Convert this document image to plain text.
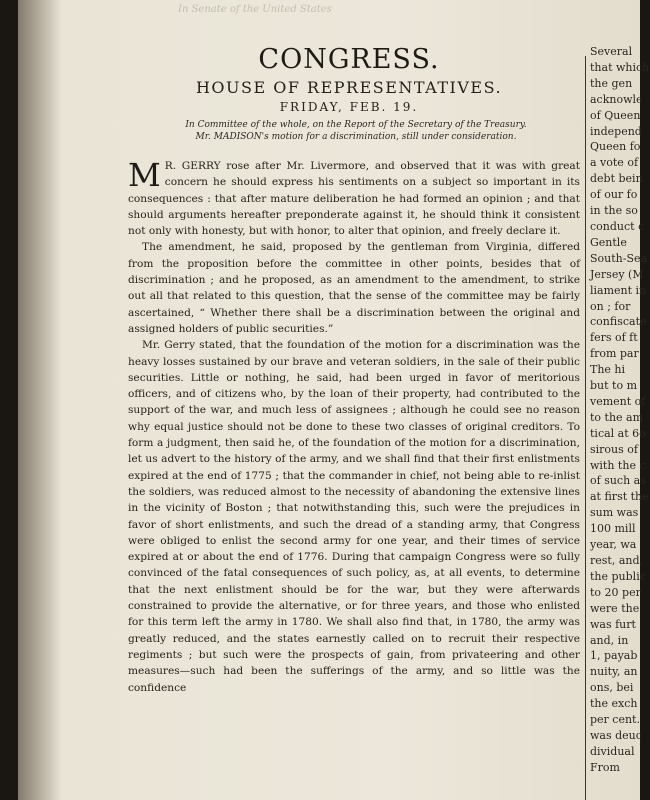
In Senate of the United States
CONGRESS.
HOUSE OF REPRESENTATIVES.
FRIDAY, FEB. 19.
In Committee of the whole, on the Report of the Secretary of the Treasury.
Mr. MADISON's motion for a discrimination, still under consideration.

M R. GERRY rose after Mr. Livermore, and observed that it was with great concern he should express his sentiments on a subject so important in its consequences : that after mature deliberation he had formed an opinion ; and that should arguments hereafter preponderate against it, he should think it consistent not only with honesty, but with honor, to alter that opinion, and freely declare it.

The amendment, he said, proposed by the gentleman from Virginia, differed from the proposition before the committee in other points, besides that of discrimination ; and he proposed, as an amendment to the amendment, to strike out all that related to this question, that the sense of the committee may be fairly ascertained, “ Whether there shall be a discrimination between the original and assigned holders of public securities.”

Mr. Gerry stated, that the foundation of the motion for a discrimination was the heavy losses sustained by our brave and veteran soldiers, in the sale of their public securities. Little or nothing, he said, had been urged in favor of meritorious officers, and of citizens who, by the loan of their property, had contributed to the support of the war, and much less of assignees ; although he could see no reason why equal justice should not be done to these two classes of original creditors. To form a judgment, then said he, of the foundation of the motion for a discrimination, let us advert to the history of the army, and we shall find that their first enlistments expired at the end of 1775 ; that the commander in chief, not being able to re-inlist the soldiers, was reduced almost to the necessity of abandoning the extensive lines in the vicinity of Boston ; that notwithstanding this, such were the prejudices in favor of short enlistments, and such the dread of a standing army, that Congress were obliged to enlist the second army for one year, and their times of service expired at or about the end of 1776. During that campaign Congress were so fully convinced of the fatal consequences of such policy, as, at all events, to determine that the next enlistment should be for the war, but they were afterwards constrained to provide the alternative, or for three years, and those who enlisted for this term left the army in 1780. We shall also find that, in 1780, the army was greatly reduced, and the states earnestly called on to recruit their respective regiments ; but such were the prospects of gain, from privateering and other measures—such had been the sufferings of the army, and so little was the confidence

Several
that which
the gen
acknowle
of Queen
independ
Queen fo
a vote of
debt bein
of our fo
in the so
conduct c
Gentle
South-Sea
Jersey (M
liament in
on ; for
confiscate
fers of ft
from par
The hi
but to m
vement of
to the am
tical at 6o
sirous of
with the c
of such as
at first the
sum was
100 mill
year, wa
rest, and,
the public
to 20 per
were the
was furt
and, in
1, payab
nuity, an
ons, bei
the exch
per cent.
was deuc
dividual
From
